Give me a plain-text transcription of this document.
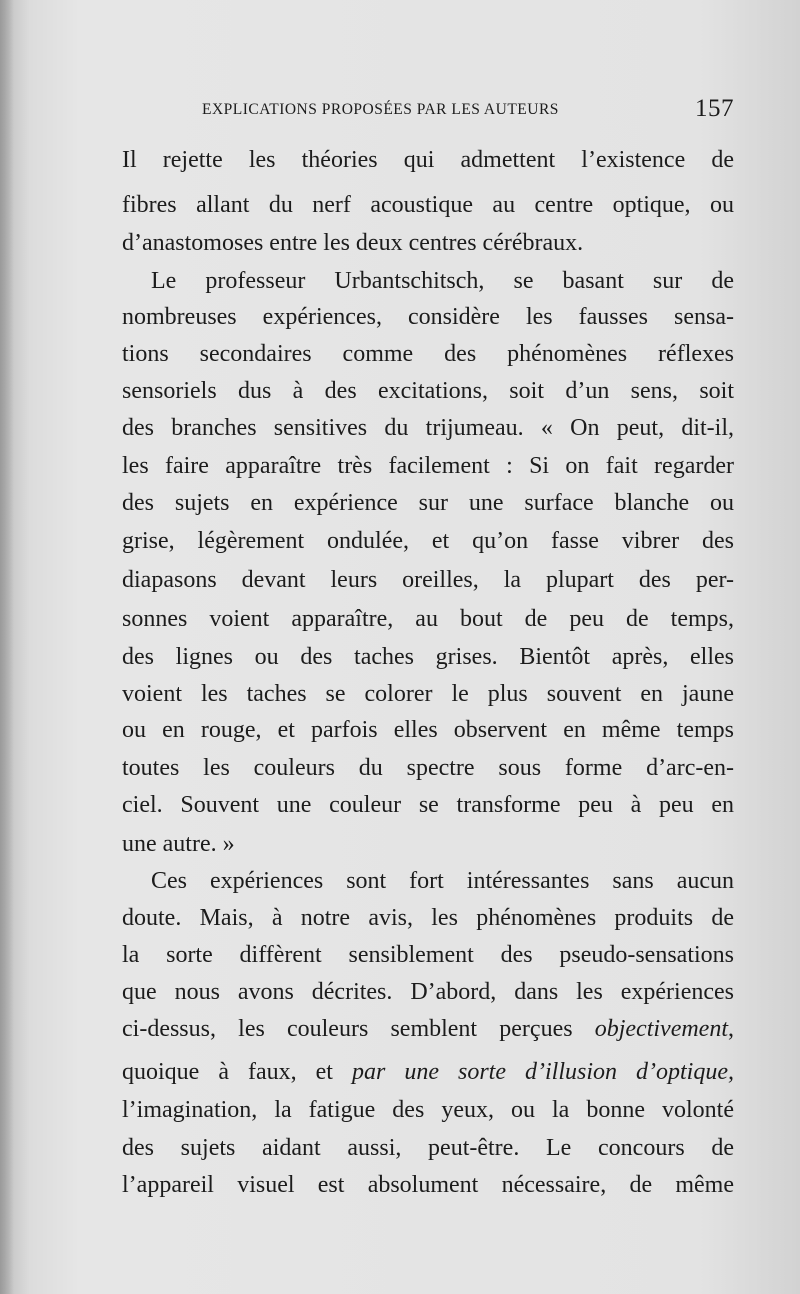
EXPLICATIONS PROPOSÉES PAR LES AUTEURS	157
Il rejette les théories qui admettent l’existence de
fibres allant du nerf acoustique au centre optique, ou
d’anastomoses entre les deux centres cérébraux.
Le professeur Urbantschitsch, se basant sur de
nombreuses expériences, considère les fausses sensa-
tions secondaires comme des phénomènes réflexes
sensoriels dus à des excitations, soit d’un sens, soit
des branches sensitives du trijumeau. « On peut, dit-il,
les faire apparaître très facilement : Si on fait regarder
des sujets en expérience sur une surface blanche ou
grise, légèrement ondulée, et qu’on fasse vibrer des
diapasons devant leurs oreilles, la plupart des per-
sonnes voient apparaître, au bout de peu de temps,
des lignes ou des taches grises. Bientôt après, elles
voient les taches se colorer le plus souvent en jaune
ou en rouge, et parfois elles observent en même temps
toutes les couleurs du spectre sous forme d’arc-en-
ciel. Souvent une couleur se transforme peu à peu en
une autre. »
Ces expériences sont fort intéressantes sans aucun
doute. Mais, à notre avis, les phénomènes produits de
la sorte diffèrent sensiblement des pseudo-sensations
que nous avons décrites. D’abord, dans les expériences
ci-dessus, les couleurs semblent perçues objectivement,
quoique à faux, et par une sorte d’illusion d’optique,
l’imagination, la fatigue des yeux, ou la bonne volonté
des sujets aidant aussi, peut-être. Le concours de
l’appareil visuel est absolument nécessaire, de même
